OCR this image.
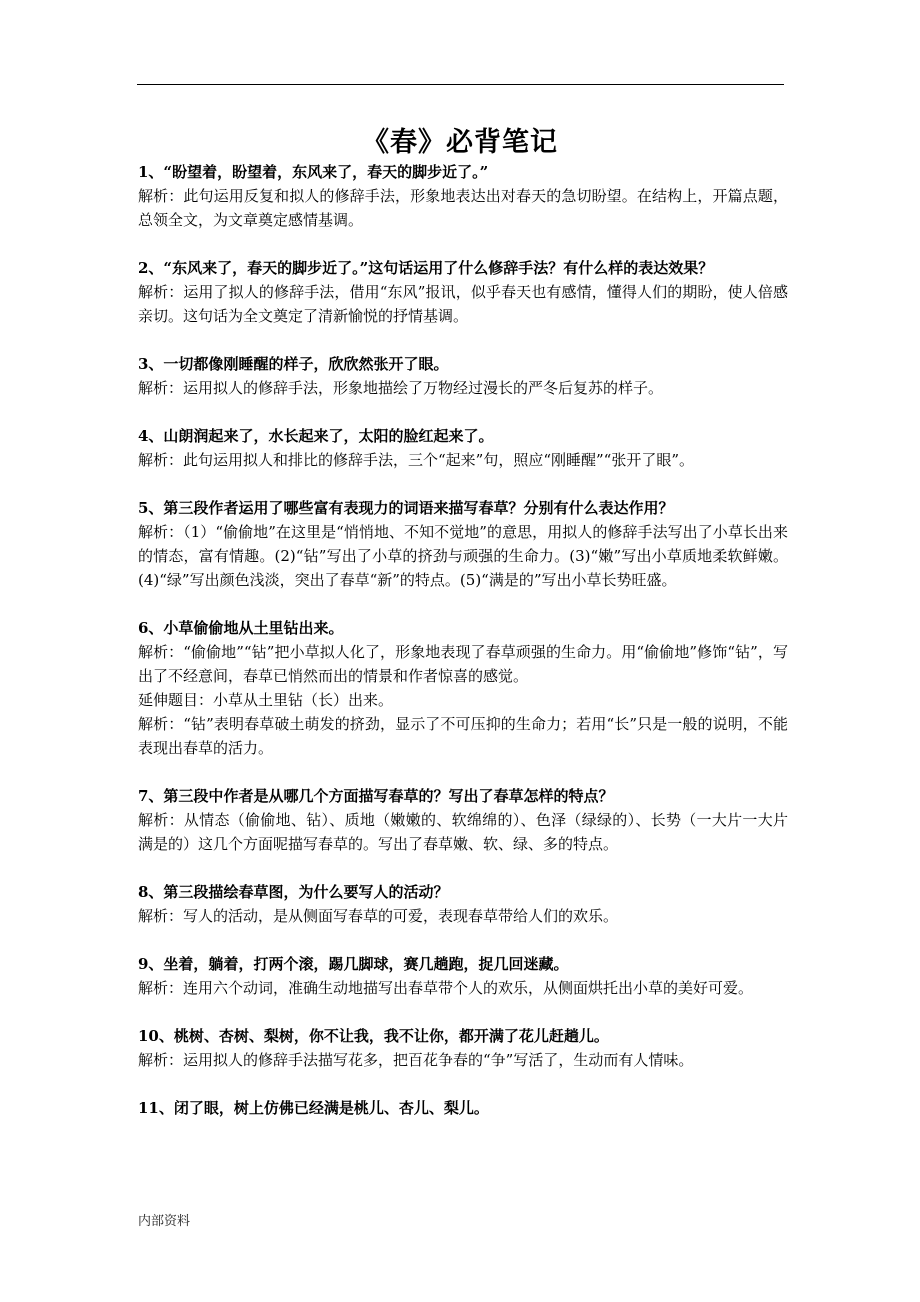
《春》必背笔记

1、“盼望着，盼望着，东风来了，春天的脚步近了。”

解析：此句运用反复和拟人的修辞手法，形象地表达出对春天的急切盼望。在结构上，开篇点题，总领全文，为文章奠定感情基调。

2、“东风来了，春天的脚步近了。”这句话运用了什么修辞手法？有什么样的表达效果？

解析：运用了拟人的修辞手法，借用“东风”报讯，似乎春天也有感情，懂得人们的期盼，使人倍感亲切。这句话为全文奠定了清新愉悦的抒情基调。

3、一切都像刚睡醒的样子，欣欣然张开了眼。

解析：运用拟人的修辞手法，形象地描绘了万物经过漫长的严冬后复苏的样子。

4、山朗润起来了，水长起来了，太阳的脸红起来了。

解析：此句运用拟人和排比的修辞手法，三个“起来”句，照应“刚睡醒”“张开了眼”。

5、第三段作者运用了哪些富有表现力的词语来描写春草？分别有什么表达作用？

解析：（1）“偷偷地”在这里是“悄悄地、不知不觉地”的意思，用拟人的修辞手法写出了小草长出来的情态，富有情趣。(2)“钻”写出了小草的挤劲与顽强的生命力。(3)“嫩”写出小草质地柔软鲜嫩。(4)“绿”写出颜色浅淡，突出了春草“新”的特点。(5)“满是的”写出小草长势旺盛。

6、小草偷偷地从土里钻出来。

解析：“偷偷地”“钻”把小草拟人化了，形象地表现了春草顽强的生命力。用“偷偷地”修饰“钻”，写出了不经意间，春草已悄然而出的情景和作者惊喜的感觉。

延伸题目：小草从土里钻（长）出来。

解析：“钻”表明春草破土萌发的挤劲，显示了不可压抑的生命力；若用“长”只是一般的说明，不能表现出春草的活力。

7、第三段中作者是从哪几个方面描写春草的？写出了春草怎样的特点？

解析：从情态（偷偷地、钻）、质地（嫩嫩的、软绵绵的）、色泽（绿绿的）、长势（一大片一大片满是的）这几个方面呢描写春草的。写出了春草嫩、软、绿、多的特点。

8、第三段描绘春草图，为什么要写人的活动？

解析：写人的活动，是从侧面写春草的可爱，表现春草带给人们的欢乐。

9、坐着，躺着，打两个滚，踢几脚球，赛几趟跑，捉几回迷藏。

解析：连用六个动词，准确生动地描写出春草带个人的欢乐，从侧面烘托出小草的美好可爱。

10、桃树、杏树、梨树，你不让我，我不让你，都开满了花儿赶趟儿。

解析：运用拟人的修辞手法描写花多，把百花争春的“争”写活了，生动而有人情味。

11、闭了眼，树上仿佛已经满是桃儿、杏儿、梨儿。

内部资料
